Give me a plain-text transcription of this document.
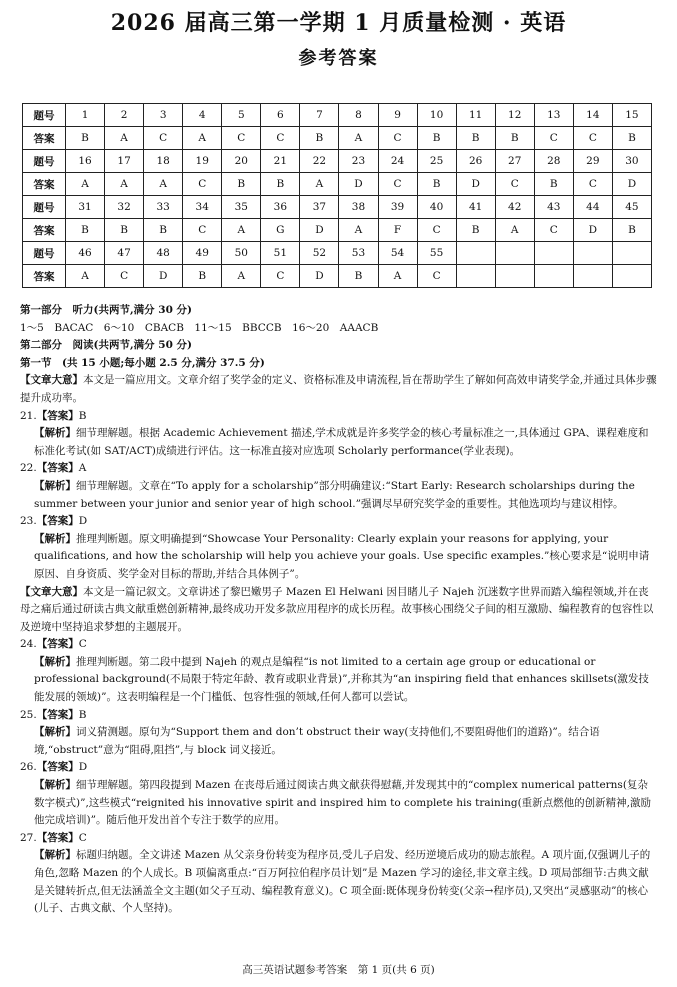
2026 届高三第一学期 1 月质量检测 · 英语
参考答案
题号	1	2	3	4	5	6	7	8	9	10	11	12	13	14	15
答案	B	A	C	A	C	C	B	A	C	B	B	B	C	C	B
题号	16	17	18	19	20	21	22	23	24	25	26	27	28	29	30
答案	A	A	A	C	B	B	A	D	C	B	D	C	B	C	D
题号	31	32	33	34	35	36	37	38	39	40	41	42	43	44	45
答案	B	B	B	C	A	G	D	A	F	C	B	A	C	D	B
题号	46	47	48	49	50	51	52	53	54	55					
答案	A	C	D	B	A	C	D	B	A	C					

第一部分　听力(共两节,满分 30 分)

1～5　BACAC　6～10　CBACB　11～15　BBCCB　16～20　AAACB

第二部分　阅读(共两节,满分 50 分)

第一节　(共 15 小题;每小题 2.5 分,满分 37.5 分)

【文章大意】本文是一篇应用文。文章介绍了奖学金的定义、资格标准及申请流程,旨在帮助学生了解如何高效申请奖学金,并通过具体步骤提升成功率。

21.【答案】B

【解析】细节理解题。根据 Academic Achievement 描述,学术成就是许多奖学金的核心考量标准之一,具体通过 GPA、课程难度和标准化考试(如 SAT/ACT)成绩进行评估。这一标准直接对应选项 Scholarly performance(学业表现)。

22.【答案】A

【解析】细节理解题。文章在“To apply for a scholarship”部分明确建议:“Start Early: Research scholarships during the summer between your junior and senior year of high school.”强调尽早研究奖学金的重要性。其他选项均与建议相悖。

23.【答案】D

【解析】推理判断题。原文明确提到“Showcase Your Personality: Clearly explain your reasons for applying, your qualifications, and how the scholarship will help you achieve your goals. Use specific examples.”核心要求是“说明申请原因、自身资质、奖学金对目标的帮助,并结合具体例子”。

【文章大意】本文是一篇记叙文。文章讲述了黎巴嫩男子 Mazen El Helwani 因目睹儿子 Najeh 沉迷数字世界而踏入编程领域,并在丧母之痛后通过研读古典文献重燃创新精神,最终成功开发多款应用程序的成长历程。故事核心围绕父子间的相互激励、编程教育的包容性以及逆境中坚持追求梦想的主题展开。

24.【答案】C

【解析】推理判断题。第二段中提到 Najeh 的观点是编程“is not limited to a certain age group or educational or professional background(不局限于特定年龄、教育或职业背景)”,并称其为“an inspiring field that enhances skillsets(激发技能发展的领域)”。这表明编程是一个门槛低、包容性强的领域,任何人都可以尝试。

25.【答案】B

【解析】词义猜测题。原句为“Support them and don’t obstruct their way(支持他们,不要阻碍他们的道路)”。结合语境,“obstruct”意为“阻碍,阻挡”,与 block 词义接近。

26.【答案】D

【解析】细节理解题。第四段提到 Mazen 在丧母后通过阅读古典文献获得慰藉,并发现其中的“complex numerical patterns(复杂数字模式)”,这些模式“reignited his innovative spirit and inspired him to complete his training(重新点燃他的创新精神,激励他完成培训)”。随后他开发出首个专注于数学的应用。

27.【答案】C

【解析】标题归纳题。全文讲述 Mazen 从父亲身份转变为程序员,受儿子启发、经历逆境后成功的励志旅程。A 项片面,仅强调儿子的角色,忽略 Mazen 的个人成长。B 项偏离重点:“百万阿拉伯程序员计划”是 Mazen 学习的途径,非文章主线。D 项局部细节:古典文献是关键转折点,但无法涵盖全文主题(如父子互动、编程教育意义)。C 项全面:既体现身份转变(父亲→程序员),又突出“灵感驱动”的核心(儿子、古典文献、个人坚持)。

高三英语试题参考答案　第 1 页(共 6 页)
